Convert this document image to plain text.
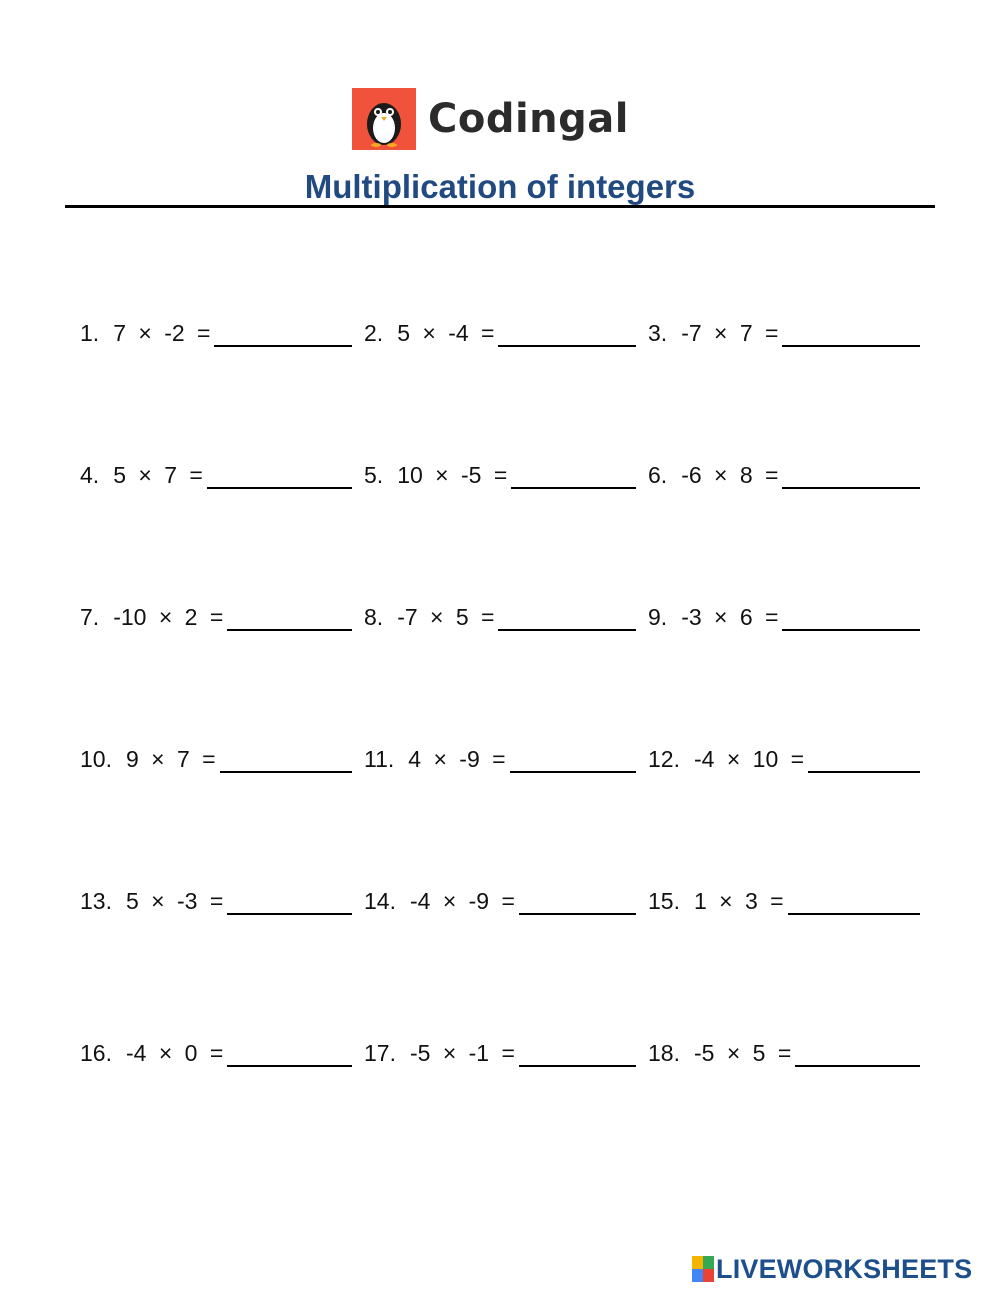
Codingal
Multiplication of integers
1. 7 × -2 =	2. 5 × -4 =	3. -7 × 7 =
4. 5 × 7 =	5. 10 × -5 =	6. -6 × 8 =
7. -10 × 2 =	8. -7 × 5 =	9. -3 × 6 =
10. 9 × 7 =	11. 4 × -9 =	12. -4 × 10 =
13. 5 × -3 =	14. -4 × -9 =	15. 1 × 3 =
16. -4 × 0 =	17. -5 × -1 =	18. -5 × 5 =
LIVEWORKSHEETS
